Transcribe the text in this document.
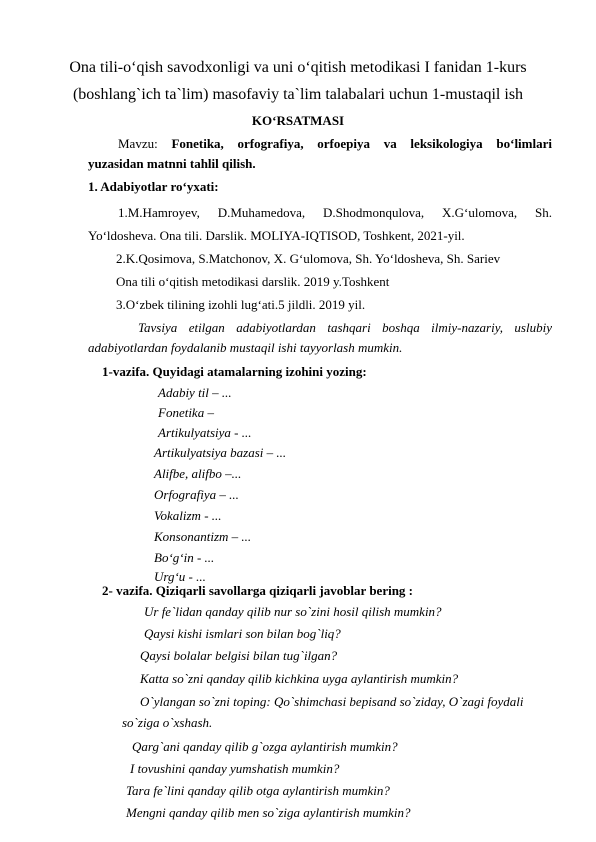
Ona tili-o‘qish savodxonligi va uni o‘qitish metodikasi I fanidan 1-kurs
(boshlang`ich ta`lim) masofaviy ta`lim talabalari uchun 1-mustaqil ish
KO‘RSATMASI
Mavzu: Fonetika, orfografiya, orfoepiya va leksikologiya bo‘limlari
yuzasidan matnni tahlil qilish.
1. Adabiyotlar ro‘yxati:
1.M.Hamroyev, D.Muhamedova, D.Shodmonqulova, X.G‘ulomova, Sh.
Yo‘ldosheva. Ona tili. Darslik. MOLIYA-IQTISOD, Toshkent, 2021-yil.
2.K.Qosimova, S.Matchonov, X. G‘ulomova, Sh. Yo‘ldosheva, Sh. Sariev
Ona tili o‘qitish metodikasi darslik. 2019 y.Toshkent
3.O‘zbek tilining izohli lug‘ati.5 jildli. 2019 yil.
Tavsiya etilgan adabiyotlardan tashqari boshqa ilmiy-nazariy, uslubiy
adabiyotlardan foydalanib mustaqil ishi tayyorlash mumkin.
1-vazifa. Quyidagi atamalarning izohini yozing:
Adabiy til – ...
Fonetika –
Artikulyatsiya - ...
Artikulyatsiya bazasi – ...
Alifbe, alifbo –...
Orfografiya – ...
Vokalizm - ...
Konsonantizm – ...
Bo‘g‘in - ...
Urg‘u - ...
2- vazifa. Qiziqarli savollarga qiziqarli javoblar bering :
Ur fe`lidan qanday qilib nur so`zini hosil qilish mumkin?
Qaysi kishi ismlari son bilan bog`liq?
Qaysi bolalar belgisi bilan tug`ilgan?
Katta so`zni qanday qilib kichkina uyga aylantirish mumkin?
O`ylangan so`zni toping: Qo`shimchasi bepisand so`ziday, O`zagi foydali
so`ziga o`xshash.
Qarg`ani qanday qilib g`ozga aylantirish mumkin?
I tovushini qanday yumshatish mumkin?
Tara fe`lini qanday qilib otga aylantirish mumkin?
Mengni qanday qilib men so`ziga aylantirish mumkin?
